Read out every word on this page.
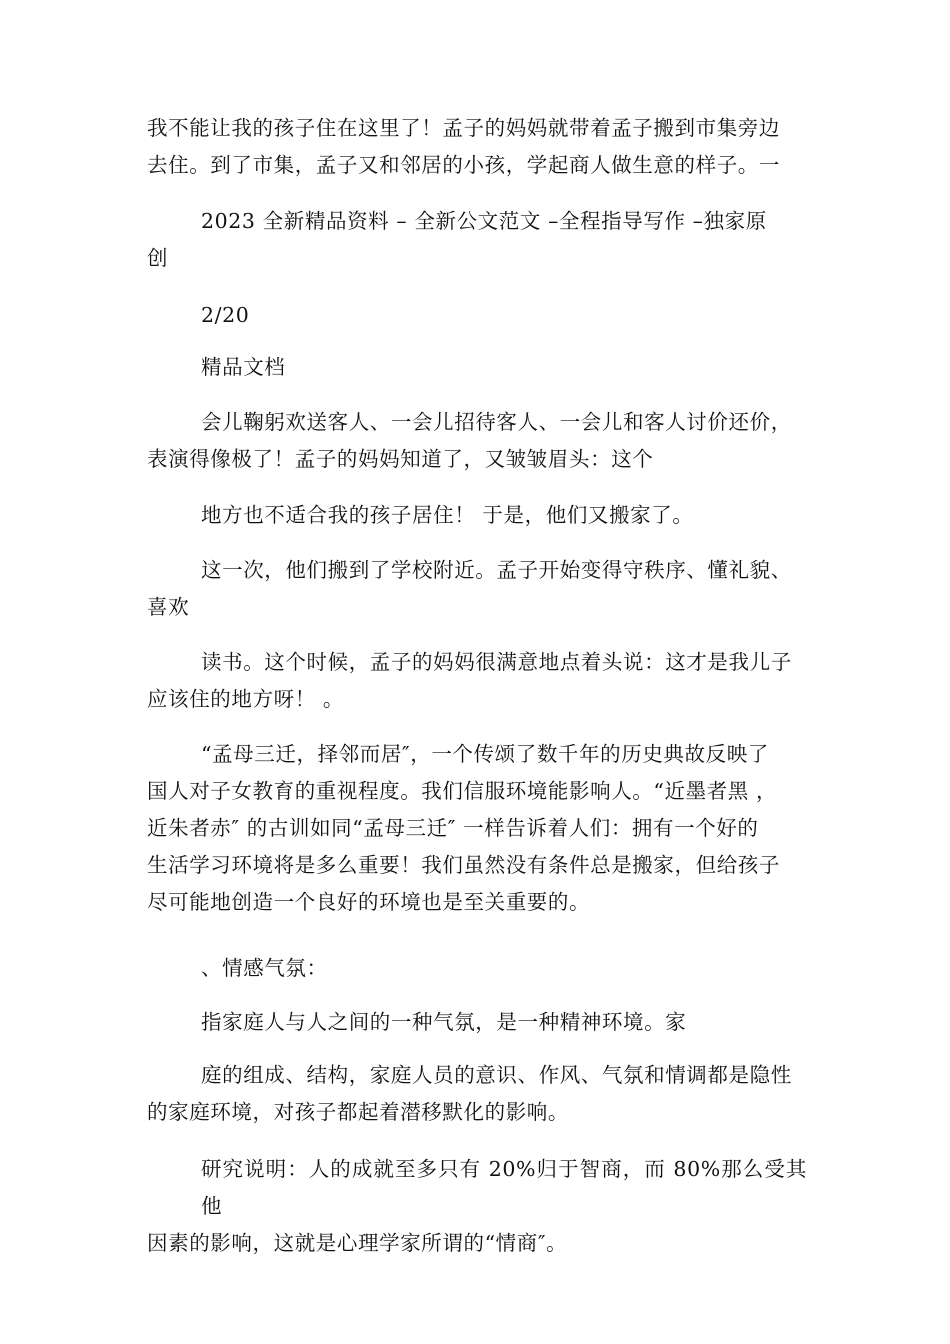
我不能让我的孩子住在这里了！孟子的妈妈就带着孟子搬到市集旁边
去住。到了市集，孟子又和邻居的小孩，学起商人做生意的样子。一
2023 全新精品资料 – 全新公文范文 –全程指导写作 –独家原
创
2/20
精品文档
会儿鞠躬欢送客人、一会儿招待客人、一会儿和客人讨价还价，
表演得像极了！孟子的妈妈知道了，又皱皱眉头：这个
地方也不适合我的孩子居住！ 于是，他们又搬家了。
这一次，他们搬到了学校附近。孟子开始变得守秩序、懂礼貌、
喜欢
读书。这个时候，孟子的妈妈很满意地点着头说：这才是我儿子
应该住的地方呀！ 。
“孟母三迁，择邻而居″，一个传颂了数千年的历史典故反映了
国人对子女教育的重视程度。我们信服环境能影响人。“近墨者黑 ，
近朱者赤″ 的古训如同“孟母三迁″ 一样告诉着人们：拥有一个好的
生活学习环境将是多么重要！我们虽然没有条件总是搬家，但给孩子
尽可能地创造一个良好的环境也是至关重要的。
、情感气氛：
指家庭人与人之间的一种气氛，是一种精神环境。家
庭的组成、结构，家庭人员的意识、作风、气氛和情调都是隐性
的家庭环境，对孩子都起着潜移默化的影响。
研究说明：人的成就至多只有 20%归于智商，而 80%那么受其他
因素的影响，这就是心理学家所谓的“情商″。
